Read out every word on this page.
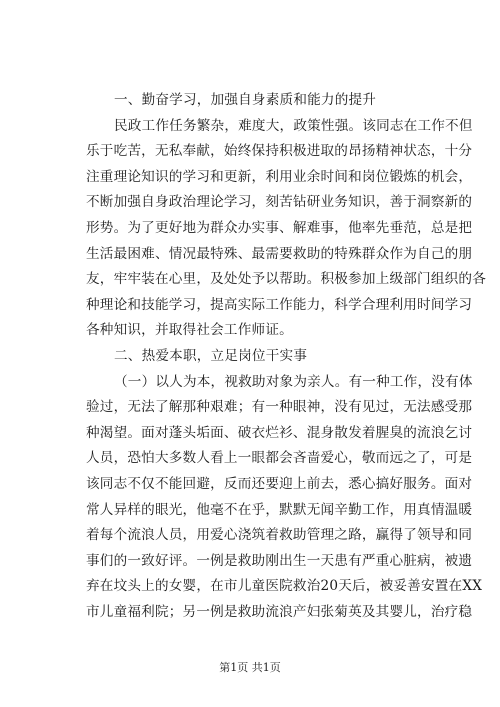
一、勤奋学习，加强自身素质和能力的提升
民政工作任务繁杂，难度大，政策性强。该同志在工作不但
乐于吃苦，无私奉献，始终保持积极进取的昂扬精神状态，十分
注重理论知识的学习和更新，利用业余时间和岗位锻炼的机会，
不断加强自身政治理论学习，刻苦钻研业务知识，善于洞察新的
形势。为了更好地为群众办实事、解难事，他率先垂范，总是把
生活最困难、情况最特殊、最需要救助的特殊群众作为自己的朋
友，牢牢装在心里，及处处予以帮助。积极参加上级部门组织的各
种理论和技能学习，提高实际工作能力，科学合理利用时间学习
各种知识，并取得社会工作师证。
二、热爱本职，立足岗位干实事
（一）以人为本，视救助对象为亲人。有一种工作，没有体
验过，无法了解那种艰难；有一种眼神，没有见过，无法感受那
种渴望。面对蓬头垢面、破衣烂衫、混身散发着腥臭的流浪乞讨
人员，恐怕大多数人看上一眼都会吝啬爱心，敬而远之了，可是
该同志不仅不能回避，反而还要迎上前去，悉心搞好服务。面对
常人异样的眼光，他毫不在乎，默默无闻辛勤工作，用真情温暖
着每个流浪人员，用爱心浇筑着救助管理之路，赢得了领导和同
事们的一致好评。一例是救助刚出生一天患有严重心脏病，被遗
弃在坟头上的女婴，在市儿童医院救治20天后，被妥善安置在XX
市儿童福利院；另一例是救助流浪产妇张菊英及其婴儿，治疗稳
第1页 共1页
